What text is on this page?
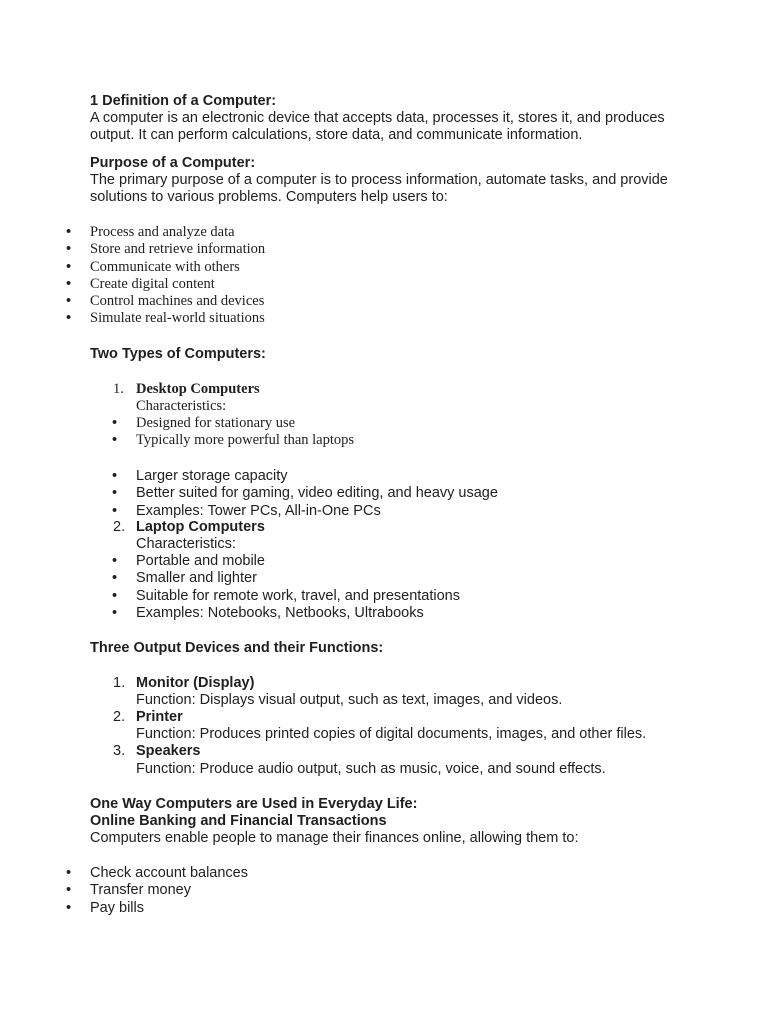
1 Definition of a Computer:
A computer is an electronic device that accepts data, processes it, stores it, and produces
output. It can perform calculations, store data, and communicate information.
Purpose of a Computer:
The primary purpose of a computer is to process information, automate tasks, and provide
solutions to various problems. Computers help users to:
• Process and analyze data
• Store and retrieve information
• Communicate with others
• Create digital content
• Control machines and devices
• Simulate real-world situations
Two Types of Computers:
1. Desktop Computers
Characteristics:
• Designed for stationary use
• Typically more powerful than laptops
• Larger storage capacity
• Better suited for gaming, video editing, and heavy usage
• Examples: Tower PCs, All-in-One PCs
2. Laptop Computers
Characteristics:
• Portable and mobile
• Smaller and lighter
• Suitable for remote work, travel, and presentations
• Examples: Notebooks, Netbooks, Ultrabooks
Three Output Devices and their Functions:
1. Monitor (Display)
Function: Displays visual output, such as text, images, and videos.
2. Printer
Function: Produces printed copies of digital documents, images, and other files.
3. Speakers
Function: Produce audio output, such as music, voice, and sound effects.
One Way Computers are Used in Everyday Life:
Online Banking and Financial Transactions
Computers enable people to manage their finances online, allowing them to:
• Check account balances
• Transfer money
• Pay bills
